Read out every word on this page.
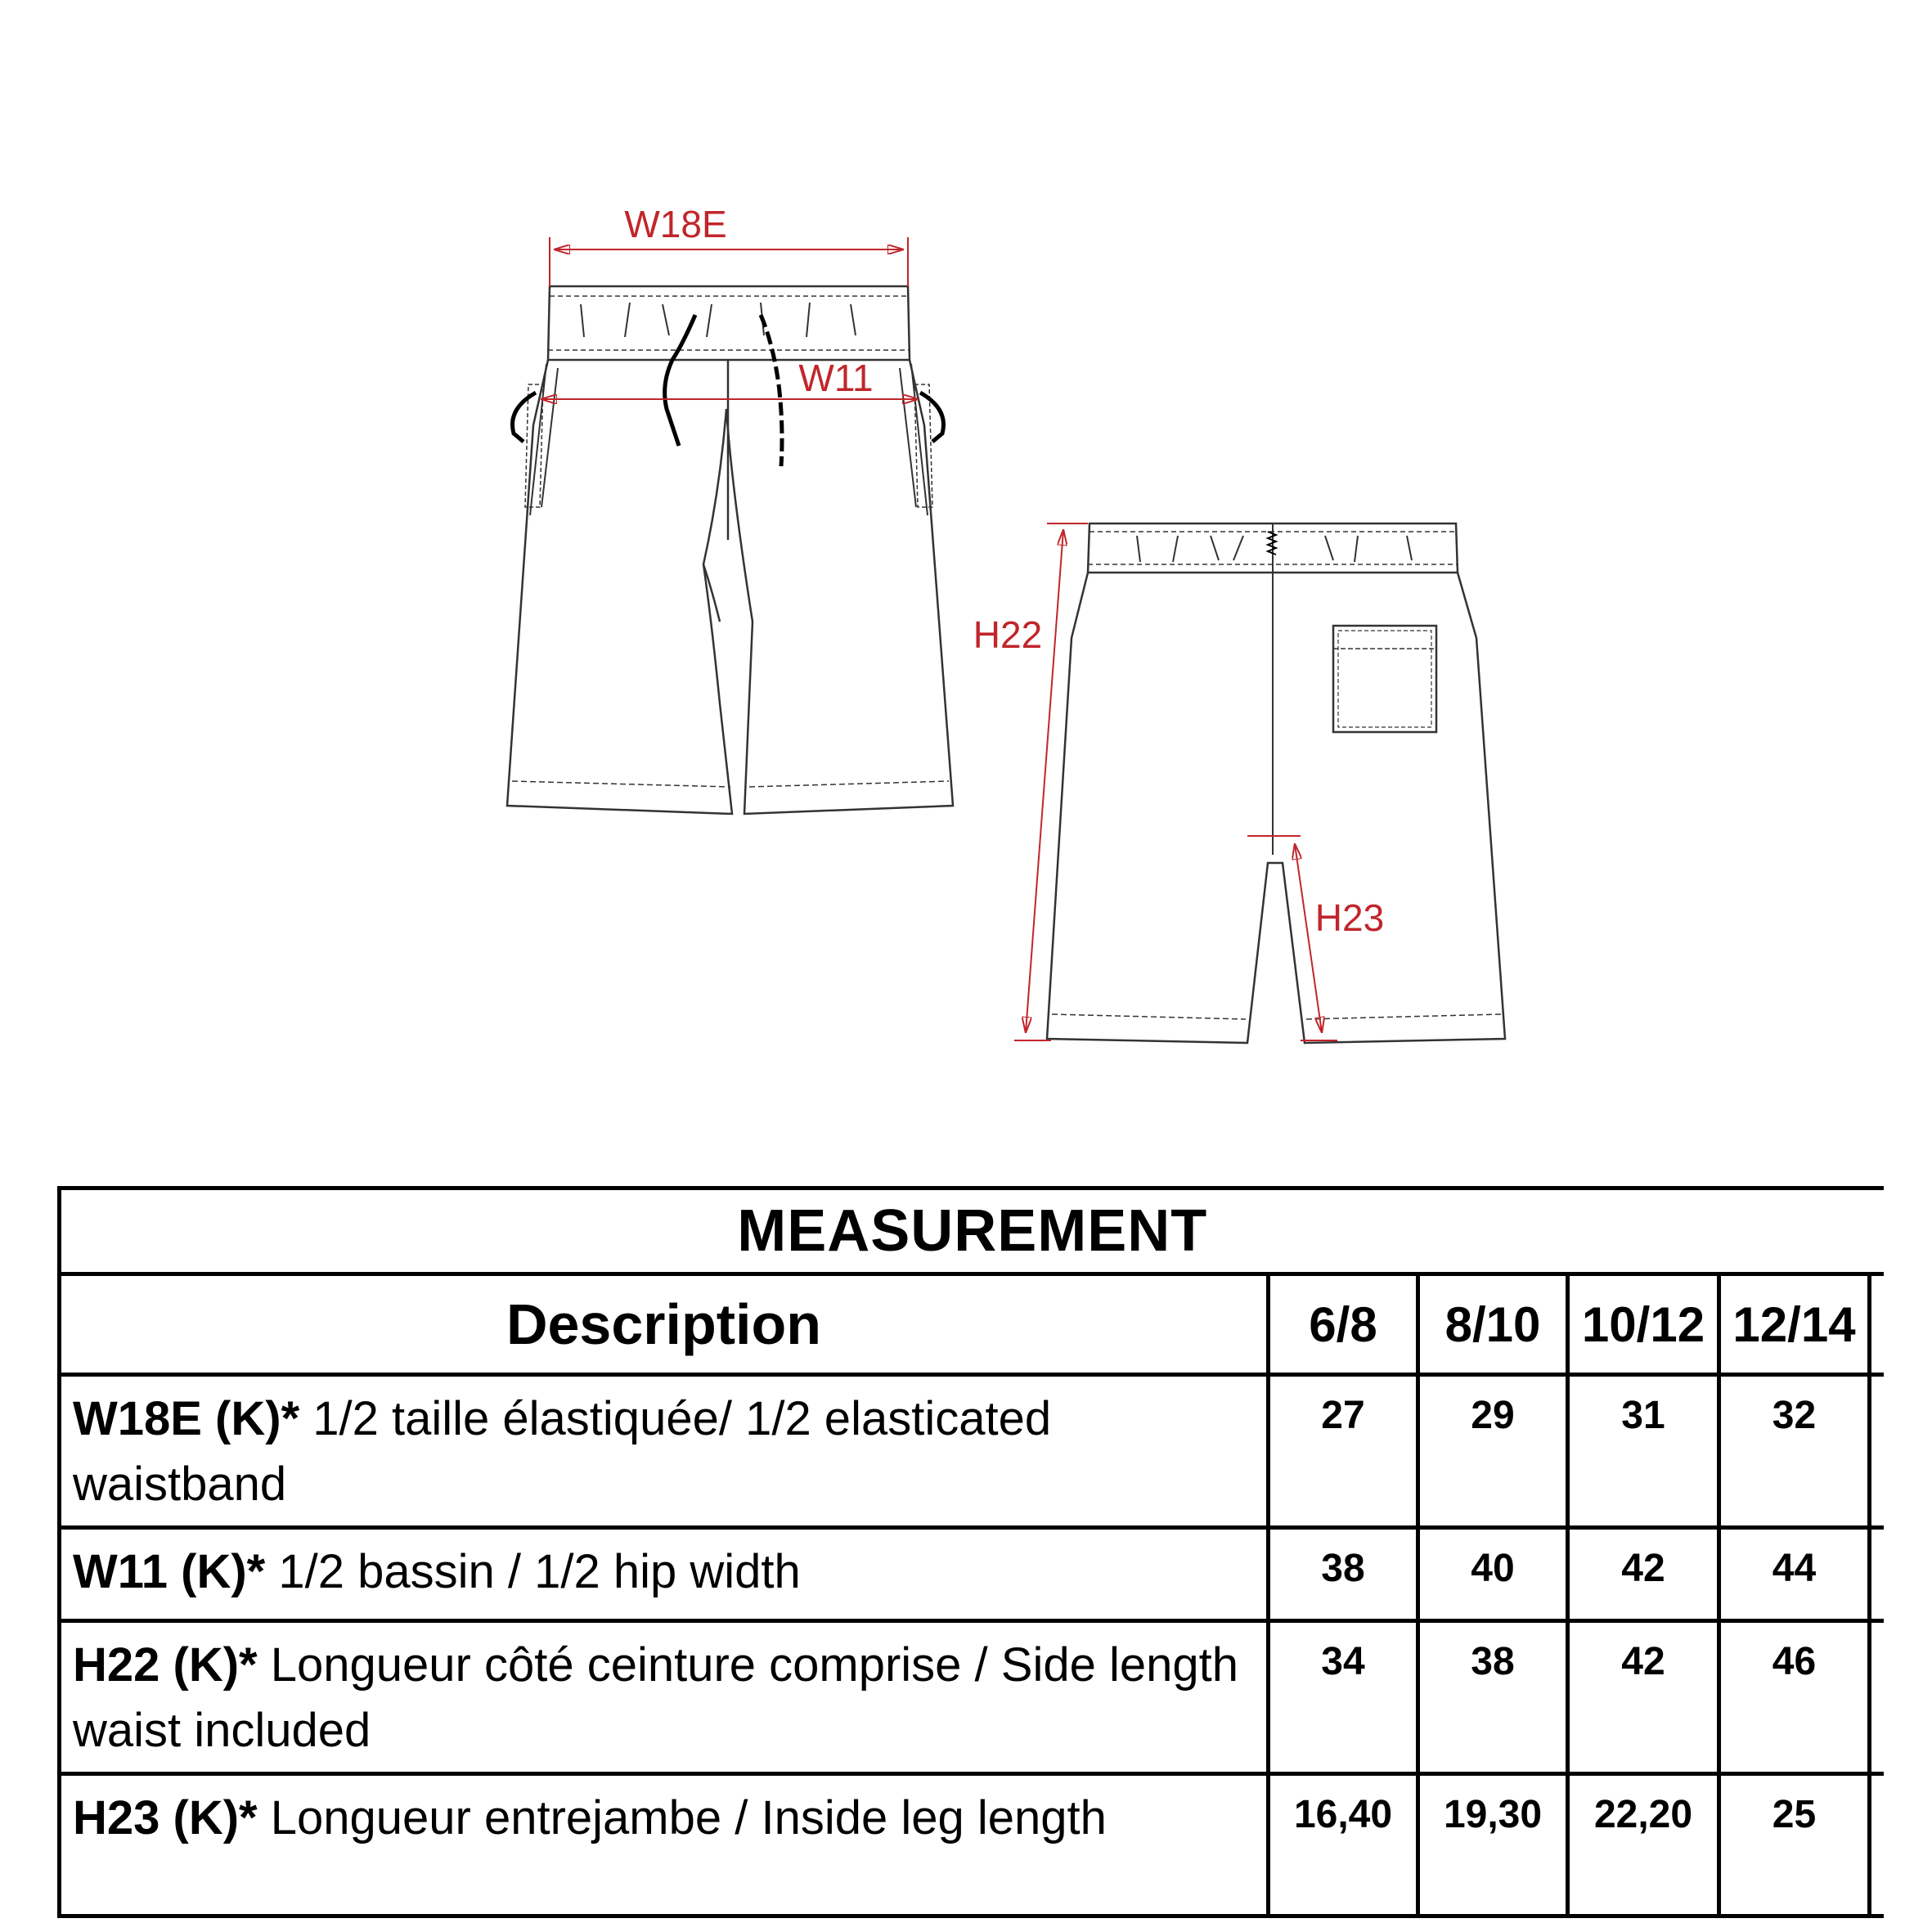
W18E
W11
H22
H23
MEASUREMENT					
Description	6/8	8/10	10/12	12/14	
W18E (K)* 1/2 taille élastiquée/ 1/2 elasticated waistband	27	29	31	32	
W11 (K)* 1/2 bassin / 1/2 hip width	38	40	42	44	
H22 (K)* Longueur côté ceinture comprise / Side length waist included	34	38	42	46	
H23 (K)* Longueur entrejambe / Inside leg length	16,40	19,30	22,20	25	
